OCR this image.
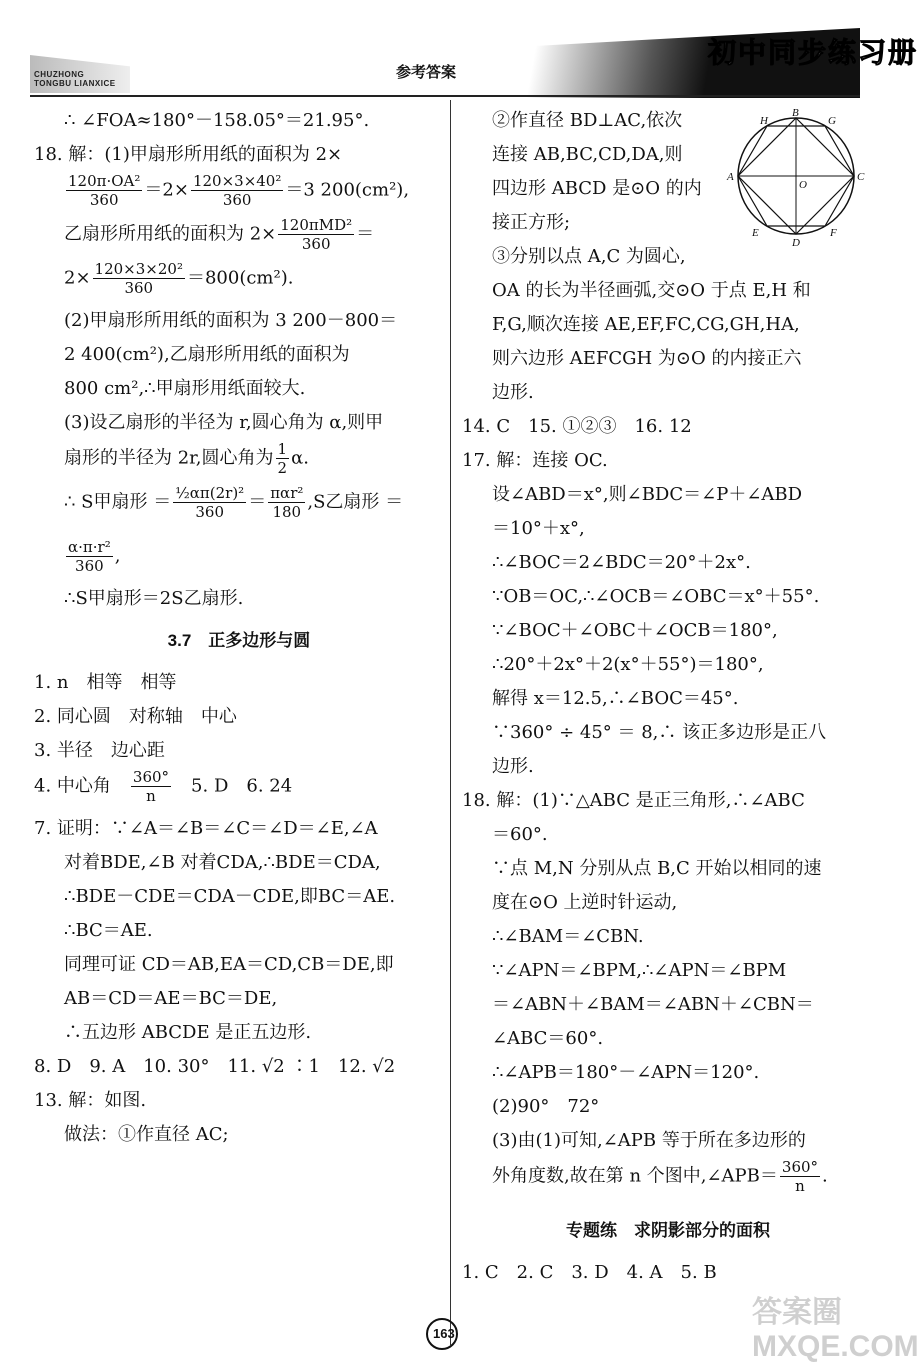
CHUZHONG
TONGBU LIANXICE
初中同步练习册
参考答案
∴ ∠FOA≈180°－158.05°＝21.95°.
18. 解：(1)甲扇形所用纸的面积为 2×
$\frac{\text{120π·OA²}}{360} =2\times \frac{\text{120×3×40²}}{360} =3$ 200(cm²),
乙扇形所用纸的面积为 $2\times \frac{\text{120πMD²}}{360}$ ＝
$2\times \frac{\text{120×3×20²}}{360} =800(cm^2)$.
(2)甲扇形所用纸的面积为 3 200－800＝
2 400(cm²),乙扇形所用纸的面积为
800 cm²,∴甲扇形用纸面较大.
(3)设乙扇形的半径为 r,圆心角为 α,则甲
扇形的半径为 2r,圆心角为 $\frac{1}{2} \alpha$.
∴ S甲扇形 ＝ $\frac{\text{½απ(2r)²}}{360} = \frac{\text{παr²}}{180} ,S$乙扇形 ＝
$\frac{\text{α·π·r²}}{360}$ ,
∴S甲扇形＝2S乙扇形.
3.7　正多边形与圆
1. n　相等　相等
2. 同心圆　对称轴　中心
3. 半径　边心距
4. 中心角　 $\frac{360^\circ}{n}$
　 5. D　6. 24
7. 证明：∵∠A＝∠B＝∠C＝∠D＝∠E,∠A
对着BDE,∠B 对着CDA,∴BDE＝CDA,
∴BDE－CDE＝CDA－CDE,即BC＝AE.
∴BC＝AE.
同理可证 CD＝AB,EA＝CD,CB＝DE,即
AB＝CD＝AE＝BC＝DE,
∴五边形 ABCDE 是正五边形.
8. D　9. A　10. 30°　11. √2 ∶1　12. √2
13. 解：如图.
做法：①作直径 AC;
②作直径 BD⊥AC,依次
连接 AB,BC,CD,DA,则
四边形 ABCD 是⊙O 的内
接正方形;
③分别以点 A,C 为圆心,
OA 的长为半径画弧,交⊙O 于点 E,H 和
F,G,顺次连接 AE,EF,FC,CG,GH,HA,
则六边形 AEFCGH 为⊙O 的内接正六
边形.
14. C　15. ①②③　16. 12
17. 解：连接 OC.
设∠ABD＝x°,则∠BDC＝∠P＋∠ABD
＝10°＋x°,
∴∠BOC＝2∠BDC＝20°＋2x°.
∵OB＝OC,∴∠OCB＝∠OBC＝x°＋55°.
∵∠BOC＋∠OBC＋∠OCB＝180°,
∴20°＋2x°＋2(x°＋55°)＝180°,
解得 x＝12.5,∴∠BOC＝45°.
∵360° ÷ 45° ＝ 8,∴ 该正多边形是正八
边形.
18. 解：(1)∵△ABC 是正三角形,∴∠ABC
＝60°.
∵点 M,N 分别从点 B,C 开始以相同的速
度在⊙O 上逆时针运动,
∴∠BAM＝∠CBN.
∵∠APN＝∠BPM,∴∠APN＝∠BPM
＝∠ABN＋∠BAM＝∠ABN＋∠CBN＝
∠ABC＝60°.
∴∠APB＝180°－∠APN＝120°.
(2)90°　72°
(3)由(1)可知,∠APB 等于所在多边形的
外角度数,故在第 n 个图中,∠APB＝ $\frac{360^\circ}{n}$ .
专题练　求阴影部分的面积
1. C　2. C　3. D　4. A　5. B
H
B
G
A
O
C
E
D
F
163
答案圈
MXQE.COM
